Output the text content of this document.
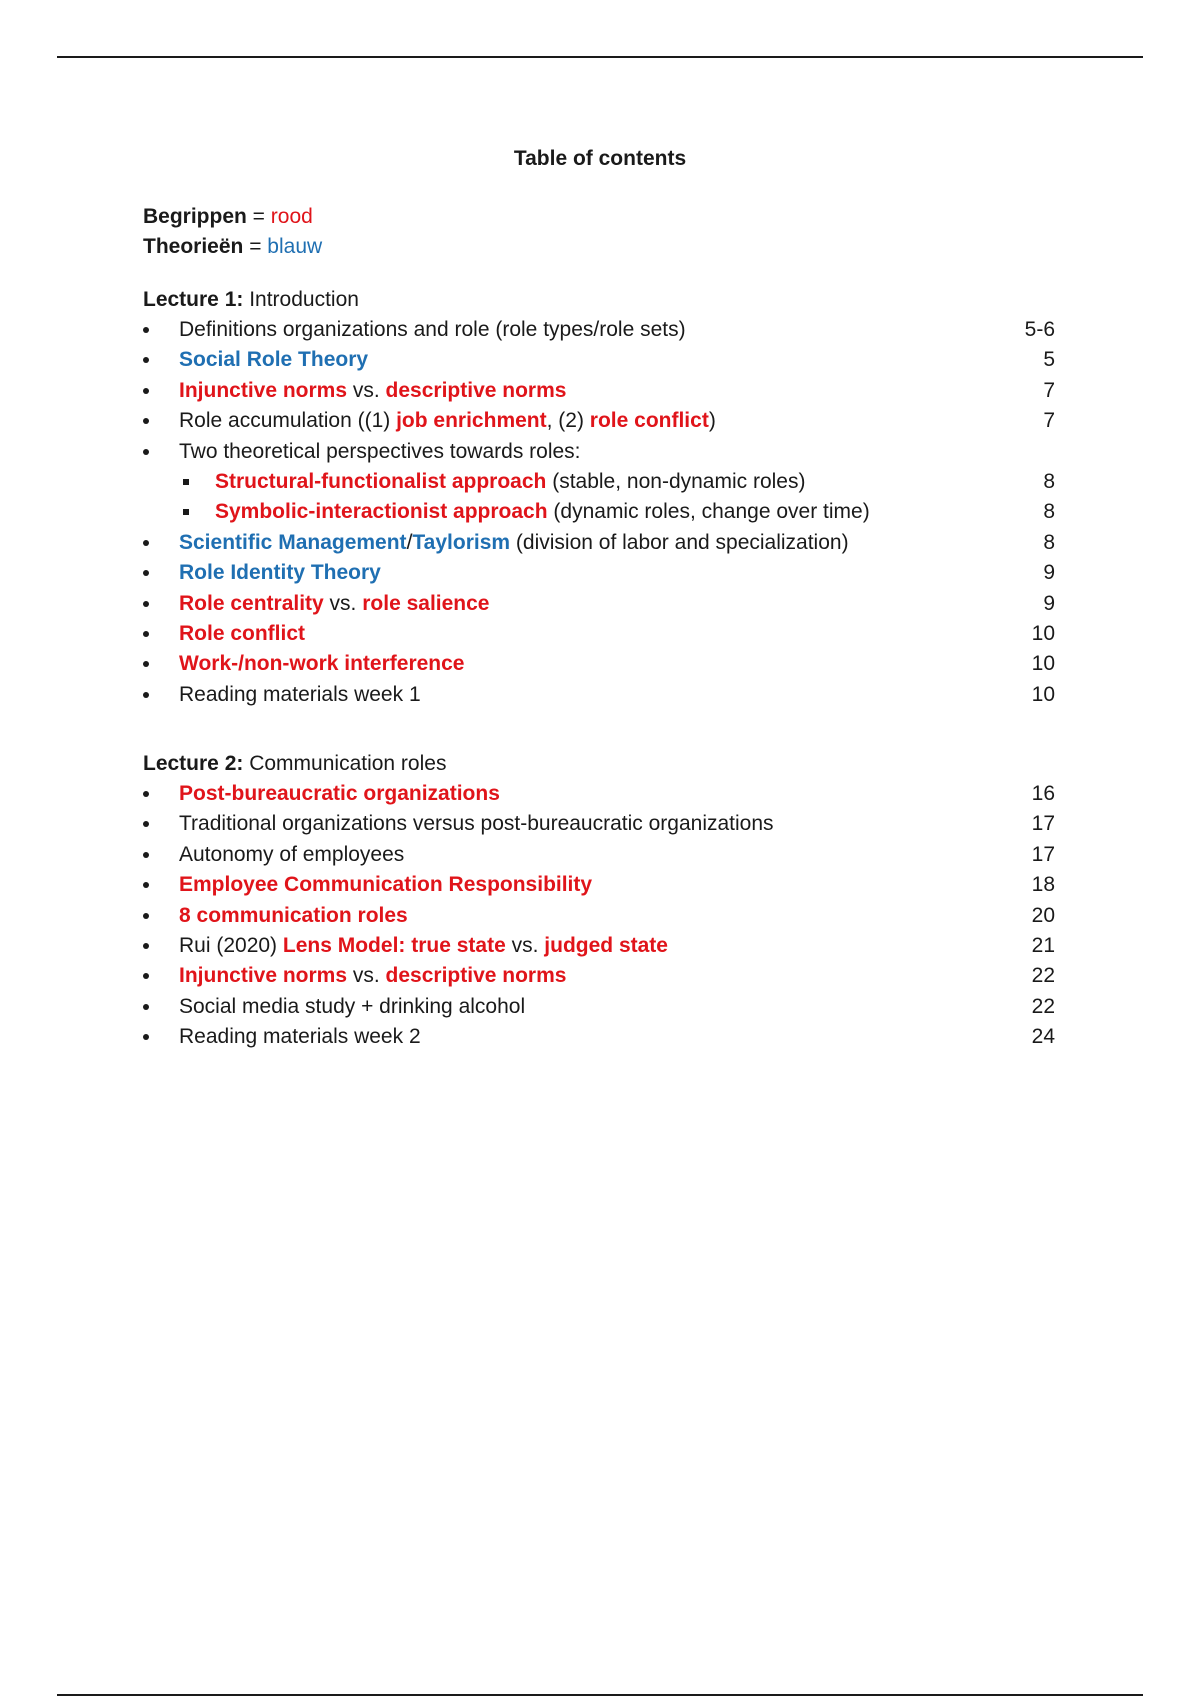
Table of contents
Begrippen = rood
Theorieën = blauw
Lecture 1: Introduction
Definitions organizations and role (role types/role sets)	5-6
Social Role Theory	5
Injunctive norms vs. descriptive norms	7
Role accumulation ((1) job enrichment, (2) role conflict)	7
Two theoretical perspectives towards roles:
Structural-functionalist approach (stable, non-dynamic roles)	8
Symbolic-interactionist approach (dynamic roles, change over time)	8
Scientific Management/Taylorism (division of labor and specialization)	8
Role Identity Theory	9
Role centrality vs. role salience	9
Role conflict	10
Work-/non-work interference	10
Reading materials week 1	10
Lecture 2: Communication roles
Post-bureaucratic organizations	16
Traditional organizations versus post-bureaucratic organizations	17
Autonomy of employees	17
Employee Communication Responsibility	18
8 communication roles	20
Rui (2020) Lens Model: true state vs. judged state	21
Injunctive norms vs. descriptive norms	22
Social media study + drinking alcohol	22
Reading materials week 2	24
